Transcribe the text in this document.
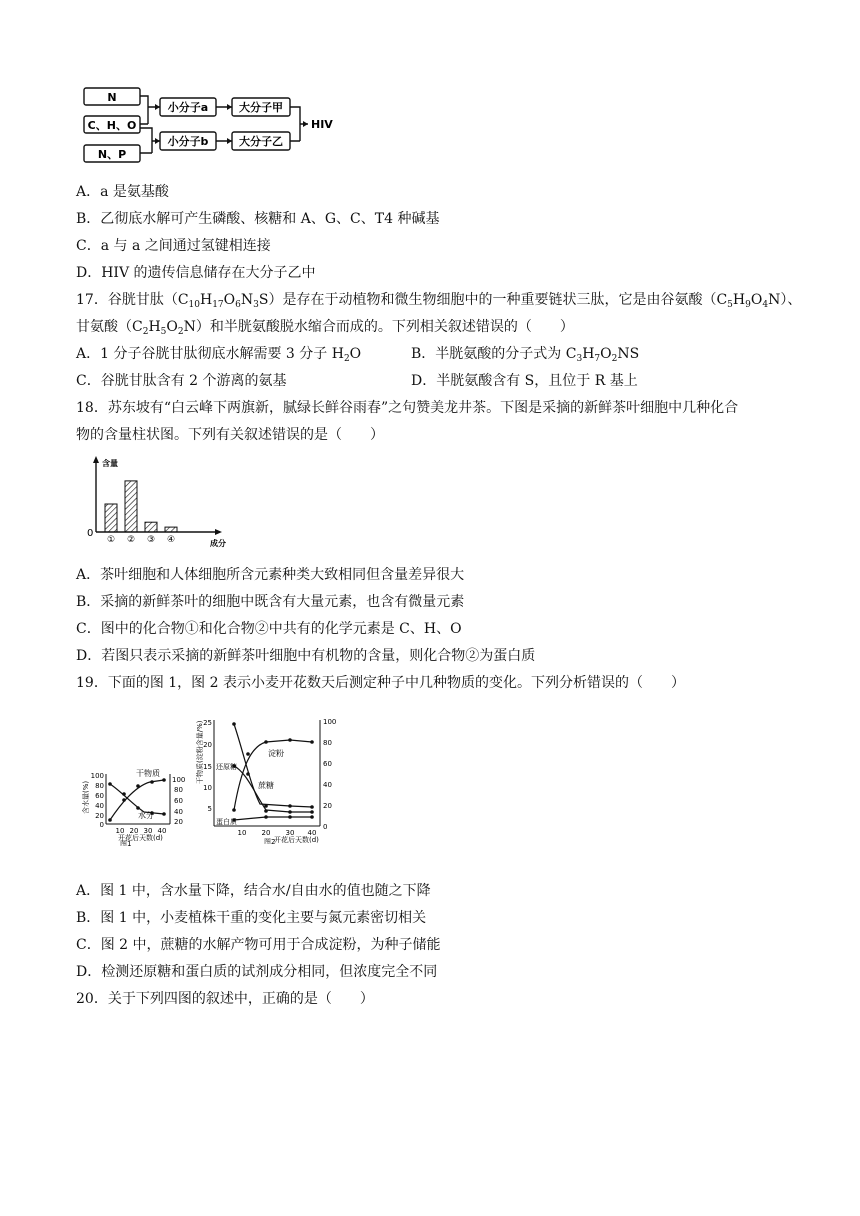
N
C、H、O
N、P
小分子a
小分子b
大分子甲
大分子乙
HIV
A．a 是氨基酸
B．乙彻底水解可产生磷酸、核糖和 A、G、C、T4 种碱基
C．a 与 a 之间通过氢键相连接
D．HIV 的遗传信息储存在大分子乙中
17．谷胱甘肽$(C_{10}H_{17}O_6N_3S)$是存在于动植物和微生物细胞中的一种重要链状三肽，它是由谷氨酸$(C_5H_9O_4N)$、
甘氨酸$(C_2H_5O_2N)$和半胱氨酸脱水缩合而成的。下列相关叙述错误的（　　）
A．1 分子谷胱甘肽彻底水解需要 3 分子 $H_2O$	B．半胱氨酸的分子式为 $C_3H_7O_2NS$
C．谷胱甘肽含有 2 个游离的氨基	D．半胱氨酸含有 S，且位于 R 基上
18．苏东坡有“白云峰下两旗新，腻绿长鲜谷雨春”之句赞美龙井茶。下图是采摘的新鲜茶叶细胞中几种化合
物的含量柱状图。下列有关叙述错误的是（　　）
含量
成分
0
① ② ③ ④
A．茶叶细胞和人体细胞所含元素种类大致相同但含量差异很大
B．采摘的新鲜茶叶的细胞中既含有大量元素，也含有微量元素
C．图中的化合物①和化合物②中共有的化学元素是 C、H、O
D．若图只表示采摘的新鲜茶叶细胞中有机物的含量，则化合物②为蛋白质
19．下面的图 1，图 2 表示小麦开花数天后测定种子中几种物质的变化。下列分析错误的（　　）
含水量(%)
100
80
60
40
20
0
100
80
60
40
20
10 20 30 40
干物质
水分
开花后天数(d)
图1
干物质(淀粉含量/%) 25
20
15
10
5
100
80
60
40
20
0
10 20 30 40
淀粉
还原糖
蔗糖
蛋白质
开花后天数(d)
图2
A．图 1 中，含水量下降，结合水/自由水的值也随之下降
B．图 1 中，小麦植株干重的变化主要与氮元素密切相关
C．图 2 中，蔗糖的水解产物可用于合成淀粉，为种子储能
D．检测还原糖和蛋白质的试剂成分相同，但浓度完全不同
20．关于下列四图的叙述中，正确的是（　　）
